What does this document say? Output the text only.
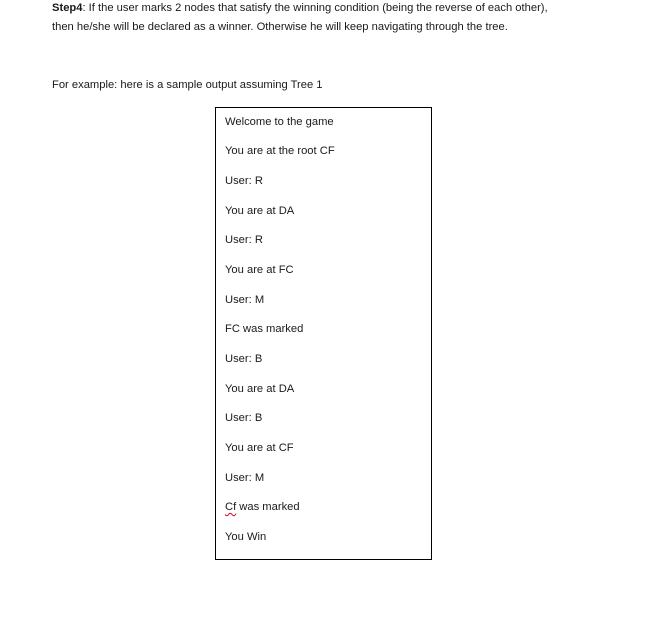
Step4: If the user marks 2 nodes that satisfy the winning condition (being the reverse of each other),
then he/she will be declared as a winner. Otherwise he will keep navigating through the tree.

For example: here is a sample output assuming Tree 1

Welcome to the game
You are at the root CF
User: R
You are at DA
User: R
You are at FC
User: M
FC was marked
User: B
You are at DA
User: B
You are at CF
User: M
Cf was marked
You Win
